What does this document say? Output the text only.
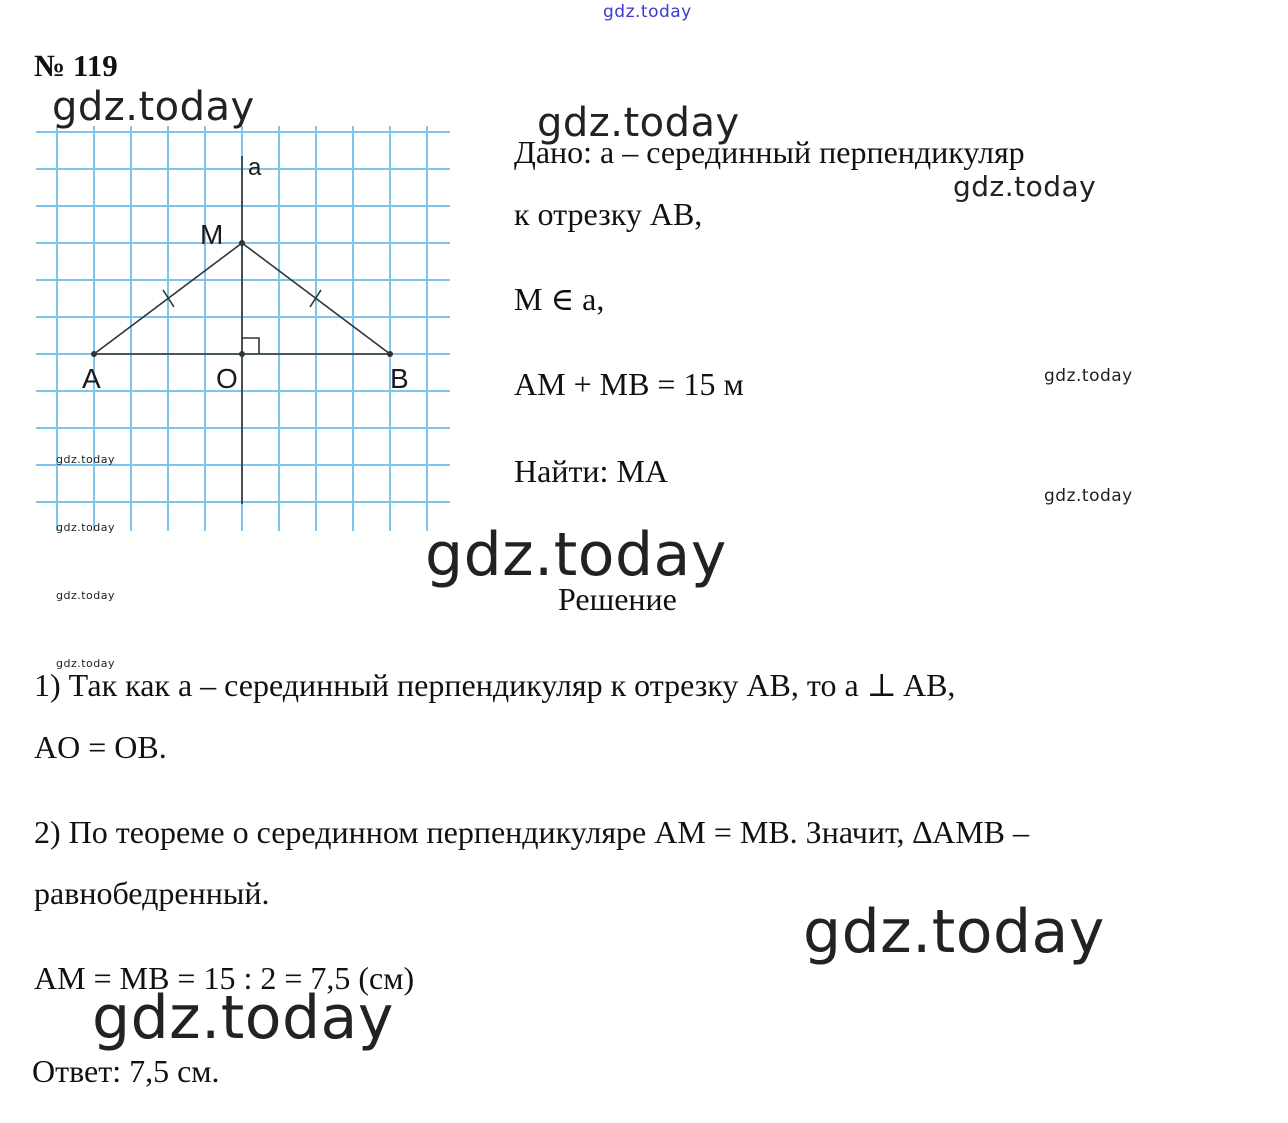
№ 119
a
M
A	O	B
Дано: a – серединный перпендикуляр
к отрезку AB,
M ∈ a,
AM + MB = 15 м
Найти: MA
Решение
1) Так как a – серединный перпендикуляр к отрезку AB, то a ⊥ AB,
AO = OB.
2) По теореме о серединном перпендикуляре AM = MB. Значит, ∆AMB –
равнобедренный.
AM = MB = 15 : 2 = 7,5 (см)
Ответ: 7,5 см.
gdz.today
gdz.today	gdz.today
gdz.today
gdz.today
gdz.today
gdz.today
gdz.today	gdz.today
gdz.today
gdz.today
gdz.today
gdz.today
